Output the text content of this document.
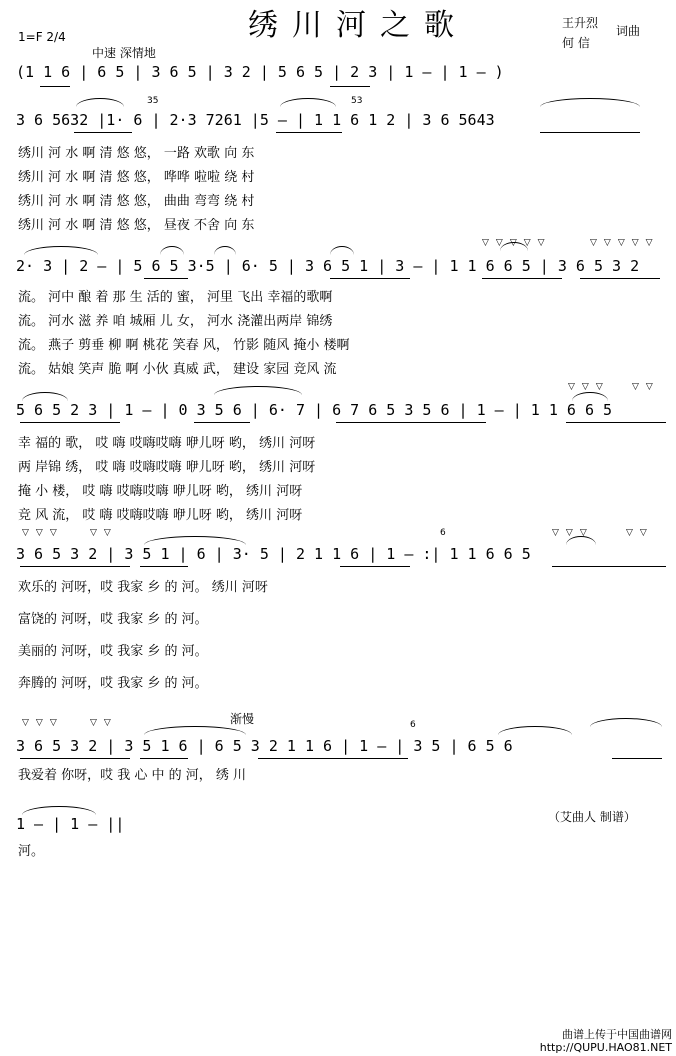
绣川河之歌
1=F 2/4
中速 深情地
王升烈
何 信
词曲
(1 1 6 | 6 5 | 3 6 5 | 3 2 | 5 6 5 | 2 3 | 1 — | 1 — )
35	53
3 6 5632 |1· 6 | 2·3 7261 |5 — | 1 1 6 1 2 | 3 6 5643
绣川 河 水 啊 清 悠 悠， 一路 欢歌 向 东
绣川 河 水 啊 清 悠 悠， 哗哗 啦啦 绕 村
绣川 河 水 啊 清 悠 悠， 曲曲 弯弯 绕 村
绣川 河 水 啊 清 悠 悠， 昼夜 不舍 向 东
▽▽▽▽▽	▽▽▽▽▽
2· 3 | 2 — | 5 6 5 3·5 | 6· 5 | 3 6 5 1 | 3 — | 1 1 6 6 5 | 3 6 5 3 2
流。 河中 酿 着 那 生 活的 蜜， 河里 飞出 幸福的歌啊
流。 河水 滋 养 咱 城厢 儿 女， 河水 浇灌出两岸 锦绣
流。 燕子 剪垂 柳 啊 桃花 笑春 风， 竹影 随风 掩小 楼啊
流。 姑娘 笑声 脆 啊 小伙 真威 武， 建设 家园 竞风 流
▽▽▽ ▽▽
5 6 5 2 3 | 1 — | 0 3 5 6 | 6· 7 | 6 7 6 5 3 5 6 | 1 — | 1 1 6 6 5
幸 福的 歌， 哎 嗨 哎嗨哎嗨 咿儿呀 哟， 绣川 河呀
两 岸锦 绣， 哎 嗨 哎嗨哎嗨 咿儿呀 哟， 绣川 河呀
掩 小 楼， 哎 嗨 哎嗨哎嗨 咿儿呀 哟， 绣川 河呀
竞 风 流， 哎 嗨 哎嗨哎嗨 咿儿呀 哟， 绣川 河呀
▽▽▽	▽▽	▽▽▽	▽▽
6
3 6 5 3 2 | 3 5 1 | 6 | 3· 5 | 2 1 1 6 | 1 — :| 1 1 6 6 5
欢乐的 河呀，哎 我家 乡 的 河。 绣川 河呀
富饶的 河呀，哎 我家 乡 的 河。
美丽的 河呀，哎 我家 乡 的 河。
奔腾的 河呀，哎 我家 乡 的 河。
渐慢	6
▽▽▽	▽▽
3 6 5 3 2 | 3 5 1 6 | 6 5 3 2 1 1 6 | 1 — | 3 5 | 6 5 6
我爱着 你呀，哎 我 心 中 的 河， 绣 川
1 — | 1 — ||
河。
（艾曲人 制谱）
曲谱上传于中国曲谱网
http://QUPU.HAO81.NET
